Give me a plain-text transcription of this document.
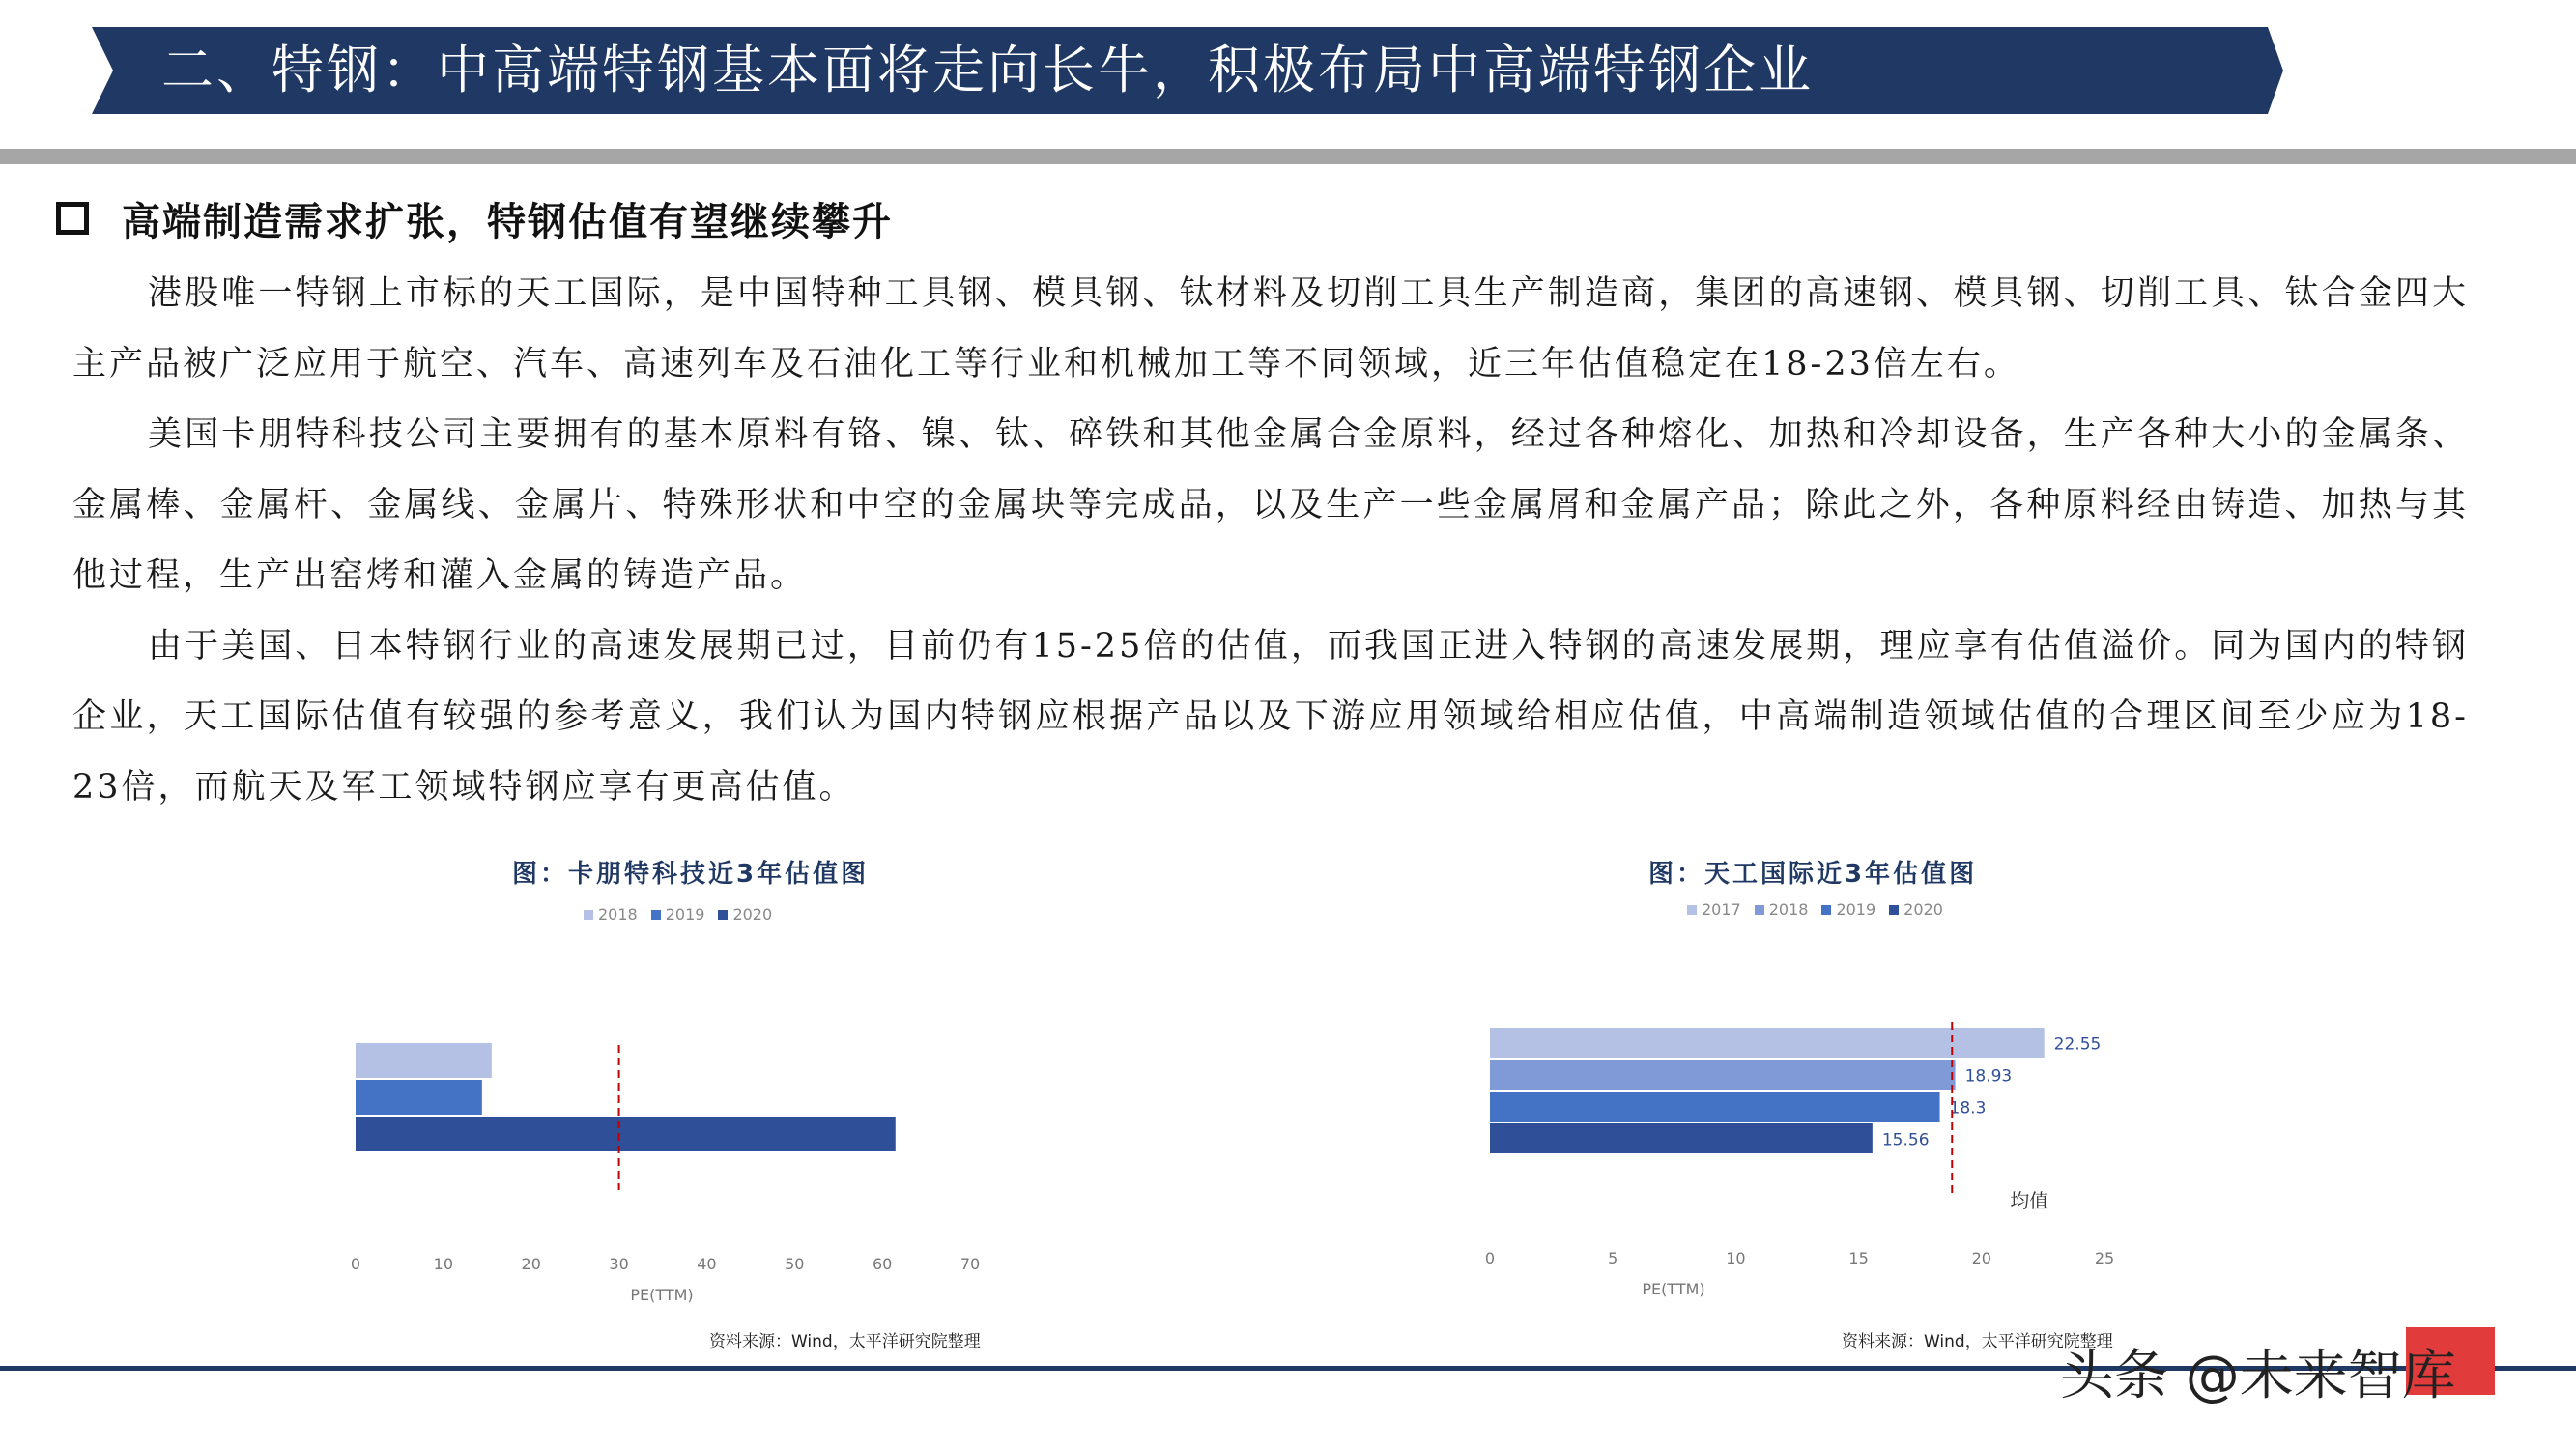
二、特钢：中高端特钢基本面将走向长牛，积极布局中高端特钢企业
高端制造需求扩张，特钢估值有望继续攀升

港股唯一特钢上市标的天工国际，是中国特种工具钢、模具钢、钛材料及切削工具生产制造商，集团的高速钢、模具钢、切削工具、钛合金四大主产品被广泛应用于航空、汽车、高速列车及石油化工等行业和机械加工等不同领域，近三年估值稳定在18-23倍左右。

美国卡朋特科技公司主要拥有的基本原料有铬、镍、钛、碎铁和其他金属合金原料，经过各种熔化、加热和冷却设备，生产各种大小的金属条、金属棒、金属杆、金属线、金属片、特殊形状和中空的金属块等完成品，以及生产一些金属屑和金属产品；除此之外，各种原料经由铸造、加热与其他过程，生产出窑烤和灌入金属的铸造产品。

由于美国、日本特钢行业的高速发展期已过，目前仍有15-25倍的估值，而我国正进入特钢的高速发展期，理应享有估值溢价。同为国内的特钢企业，天工国际估值有较强的参考意义，我们认为国内特钢应根据产品以及下游应用领域给相应估值，中高端制造领域估值的合理区间至少应为18-23倍，而航天及军工领域特钢应享有更高估值。

图：卡朋特科技近3年估值图
2018 2019 2020
0	10	20	30	40	50	60	70
PE(TTM)
资料来源：Wind，太平洋研究院整理
图：天工国际近3年估值图
2017 2018 2019 2020
22.55
18.93
18.3
15.56
均值
0	5	10	15	20	25
PE(TTM)
资料来源：Wind，太平洋研究院整理
头条 @未来智库
